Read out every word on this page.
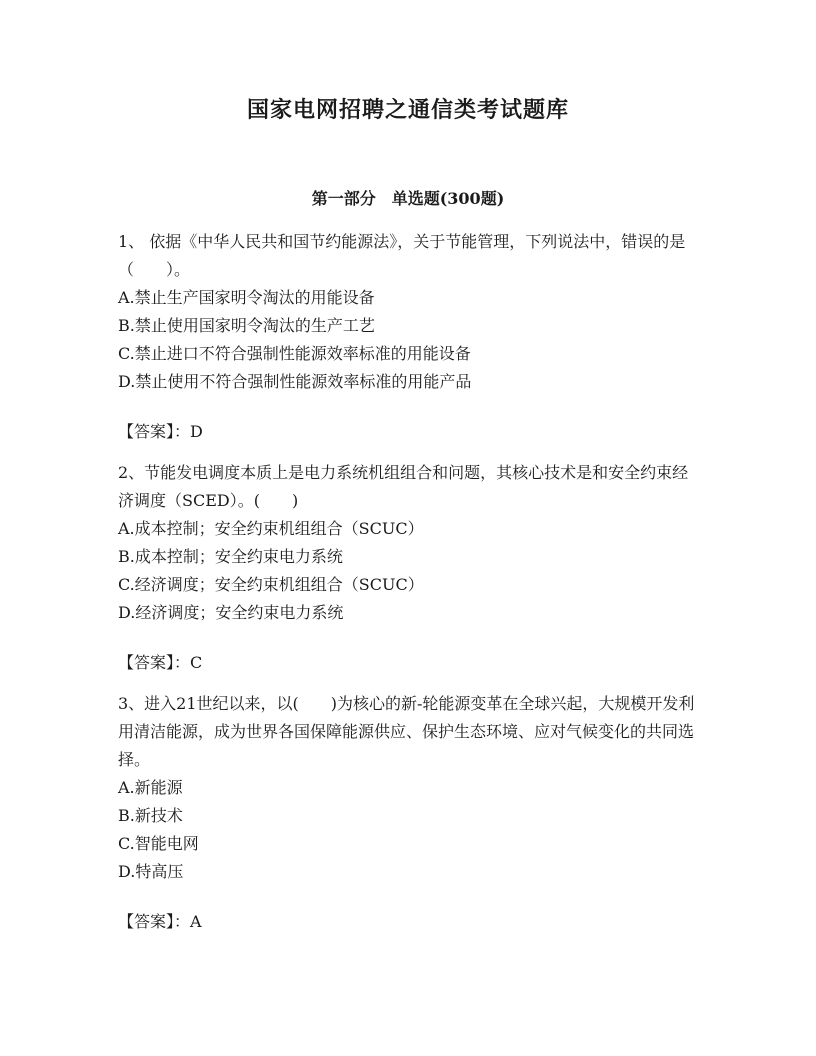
国家电网招聘之通信类考试题库
第一部分　单选题(300题)

1、 依据《中华人民共和国节约能源法》，关于节能管理，下列说法中，错误的是（　　）。

A.禁止生产国家明令淘汰的用能设备

B.禁止使用国家明令淘汰的生产工艺

C.禁止进口不符合强制性能源效率标准的用能设备

D.禁止使用不符合强制性能源效率标准的用能产品

【答案】：D

2、节能发电调度本质上是电力系统机组组合和问题，其核心技术是和安全约束经济调度（SCED）。(　　)

A.成本控制；安全约束机组组合（SCUC）

B.成本控制；安全约束电力系统

C.经济调度；安全约束机组组合（SCUC）

D.经济调度；安全约束电力系统

【答案】：C

3、进入21世纪以来，以(　　)为核心的新-轮能源变革在全球兴起，大规模开发利用清洁能源，成为世界各国保障能源供应、保护生态环境、应对气候变化的共同选择。

A.新能源

B.新技术

C.智能电网

D.特高压

【答案】：A
